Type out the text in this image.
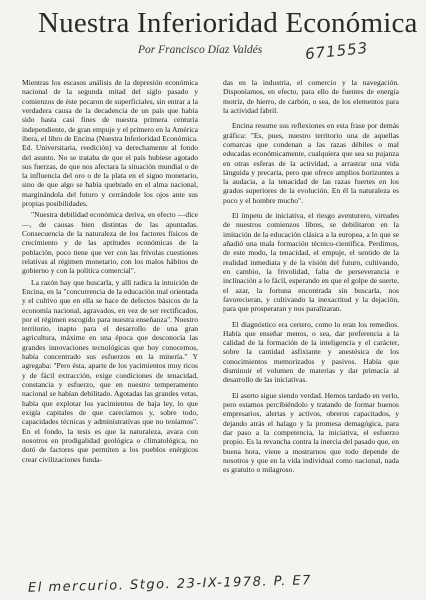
Nuestra Inferioridad Económica
Por Francisco Díaz Valdés	671553

Mientras los escasos análisis de la depresión económica nacional de la segunda mitad del siglo pasado y comienzos de éste pecaron de superficiales, sin entrar a la verdadera causa de la decadencia de un país que había sido hasta casi fines de nuestra primera centuria independiente, de gran empuje y el primero en la América ibera, el libro de Encina (Nuestra Inferioridad Económica. Ed. Universitaria, reedición) va derechamente al fondo del asunto. No se trataba de que el país hubiese agotado sus fuerzas, de que nos afectara la situación mundial o de la influencia del oro o de la plata en el signo monetario, sino de que algo se había quebrado en el alma nacional, marginándola del futuro y cerrándole los ojos ante sus propias posibilidades.

"Nuestra debilidad económica deriva, en efecto —dice—, de causas bien distintas de las apuntadas. Consecuencia de la naturaleza de los factores físicos de crecimiento y de las aptitudes económicas de la población, poco tiene que ver con las frívolas cuestiones relativas al régimen monetario, con los malos hábitos de gobierno y con la política comercial".

La razón hay que buscarla, y allí radica la intuición de Encina, en la "concurrencia de la educación mal orientada y el cultivo que en ella se hace de defectos básicos de la economía nacional, agravados, en vez de ser rectificados, por el régimen escogido para nuestra enseñanza". Nuestro territorio, inapto para el desarrollo de una gran agricultura, máxime en una época que desconocía las grandes innovaciones tecnológicas que hoy conocemos, había concentrado sus esfuerzos en la minería." Y agregaba: "Pero ésta, aparte de los yacimientos muy ricos y de fácil extracción, exige condiciones de tenacidad, constancia y esfuerzo, que en nuestro temperamento nacional se habían debilitado. Agotadas las grandes vetas, había que explotar los yacimientos de baja ley, lo que exigía capitales de que carecíamos y, sobre todo, capacidades técnicas y administrativas que no teníamos". En el fondo, la tesis es que la naturaleza, avara con nosotros en prodigalidad geológica o climatológica, no dotó de factores que permiten a los pueblos enérgicos crear civilizaciones funda-

das en la industria, el comercio y la navegación. Disponíamos, en efecto, para ello de fuentes de energía motriz, de hierro, de carbón, o sea, de los elementos para la actividad fabril.

Encina resume sus reflexiones en esta frase por demás gráfica: "Es, pues, nuestro territorio una de aquellas comarcas que condenan a las razas débiles o mal educadas económicamente, cualquiera que sea su pujanza en otras esferas de la actividad, a arrastrar una vida lánguida y precaria, pero que ofrece amplios horizontes a la audacia, a la tenacidad de las razas fuertes en los grados superiores de la evolución. En él la naturaleza es poco y el hombre mucho".

El ímpetu de iniciativa, el riesgo aventurero, virtudes de nuestros comienzos libres, se debilitaron en la imitación de la educación clásica a la europea, a lo que se añadió una mala formación técnico-científica. Perdimos, de este modo, la tenacidad, el empuje, el sentido de la realidad inmediata y de la visión del futuro, cultivando, en cambio, la frivolidad, falta de perseverancia e inclinación a lo fácil, esperando en que el golpe de suerte, el azar, la fortuna encontrada sin buscarla, nos favorecieran, y cultivando la inexactitud y la dejación, para que prosperaran y nos paralizaran.

El diagnóstico era certero, como lo eran los remedios. Había que enseñar menos, o sea, dar preferencia a la calidad de la formación de la inteligencia y el carácter, sobre la cantidad asfixiante y anestésica de los conocimientos memorizados y pasivos. Había que disminuir el volumen de materias y dar primacía al desarrollo de las iniciativas.

El aserto sigue siendo verdad. Hemos tardado en verlo, pero estamos percibiéndolo y tratando de formar buenos empresarios, alertas y activos, obreros capacitados, y dejando atrás el halago y la promesa demagógica, para dar paso a la competencia, la iniciativa, el esfuerzo propio. Es la revancha contra la inercia del pasado que, en buena hora, viene a mostrarnos que todo depende de nosotros y que en la vida individual como nacional, nada es gratuito o milagroso.

El mercurio. Stgo. 23-IX-1978. P. E7
